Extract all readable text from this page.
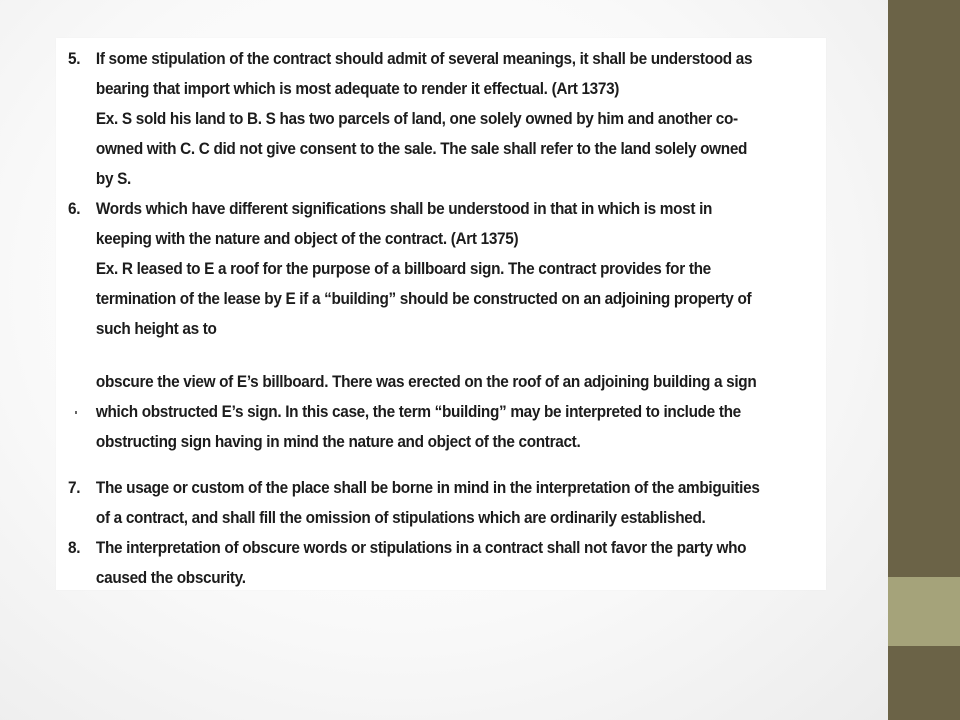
5. If some stipulation of the contract should admit of several meanings, it shall be understood as bearing that import which is most adequate to render it effectual. (Art 1373)

Ex. S sold his land to B. S has two parcels of land, one solely owned by him and another co-owned with C. C did not give consent to the sale. The sale shall refer to the land solely owned by S.

6. Words which have different significations shall be understood in that in which is most in keeping with the nature and object of the contract. (Art 1375)

Ex. R leased to E a roof for the purpose of a billboard sign. The contract provides for the termination of the lease by E if a “building” should be constructed on an adjoining property of such height as to

obscure the view of E’s billboard. There was erected on the roof of an adjoining building a sign which obstructed E’s sign. In this case, the term “building” may be interpreted to include the obstructing sign having in mind the nature and object of the contract.

7. The usage or custom of the place shall be borne in mind in the interpretation of the ambiguities of a contract, and shall fill the omission of stipulations which are ordinarily established.

8. The interpretation of obscure words or stipulations in a contract shall not favor the party who caused the obscurity.
